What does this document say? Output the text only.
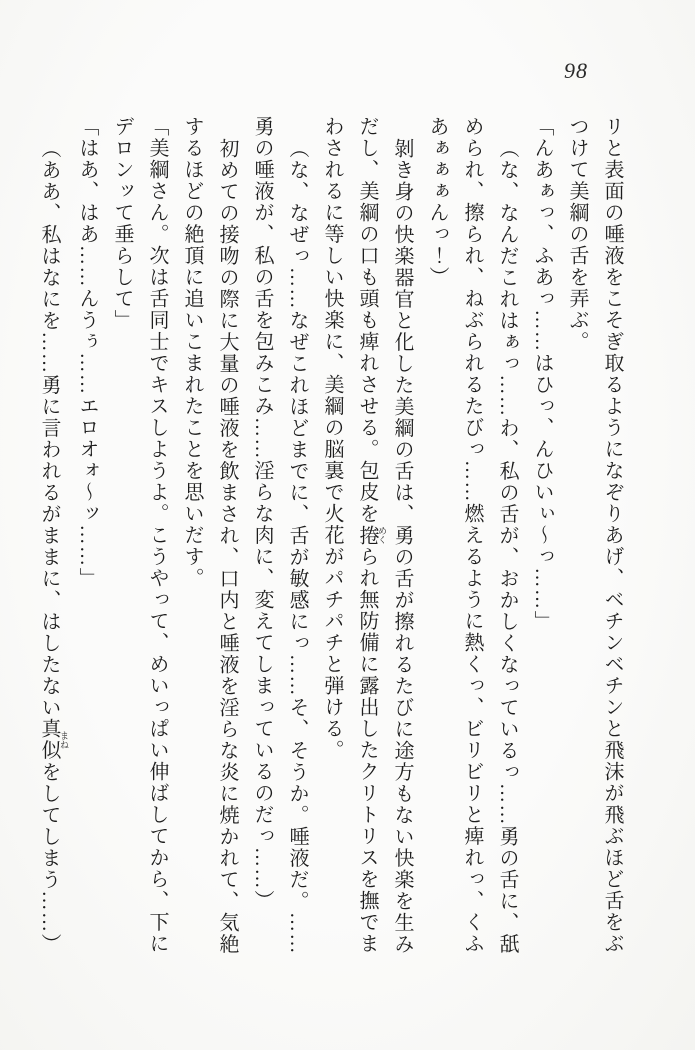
98

リと表面の唾液をこそぎ取るようになぞりあげ、ベチンベチンと飛沫が飛ぶほど舌をぶつけて美綱の舌を弄ぶ。

「んあぁっ、ふあっ……はひっ、んひいぃ～っ……」

（な、なんだこれはぁっ……わ、私の舌が、おかしくなっているっ……勇の舌に、舐められ、擦られ、ねぶられるたびっ……燃えるように熱くっ、ビリビリと痺れっ、くふあぁぁぁんっ！）

剝き身の快楽器官と化した美綱の舌は、勇の舌が擦れるたびに途方もない快楽を生みだし、美綱の口も頭も痺れさせる。包皮を捲 めくられ無防備に露出したクリトリスを撫でまわされるに等しい快楽に、美綱の脳裏で火花がパチパチと弾ける。

（な、なぜっ……なぜこれほどまでに、舌が敏感にっ……そ、そうか。唾液だ。……勇の唾液が、私の舌を包みこみ……淫らな肉に、変えてしまっているのだっ……）

初めての接吻の際に大量の唾液を飲まされ、口内と唾液を淫らな炎に焼かれて、気絶するほどの絶頂に追いこまれたことを思いだす。

「美綱さん。次は舌同士でキスしようよ。こうやって、めいっぱい伸ばしてから、下にデロンッて垂らして」

「はあ、はあ……んうぅ……エロオォ～ッ……」

（ああ、私はなにを……勇に言われるがままに、はしたない真似 まねをしてしまう……）
